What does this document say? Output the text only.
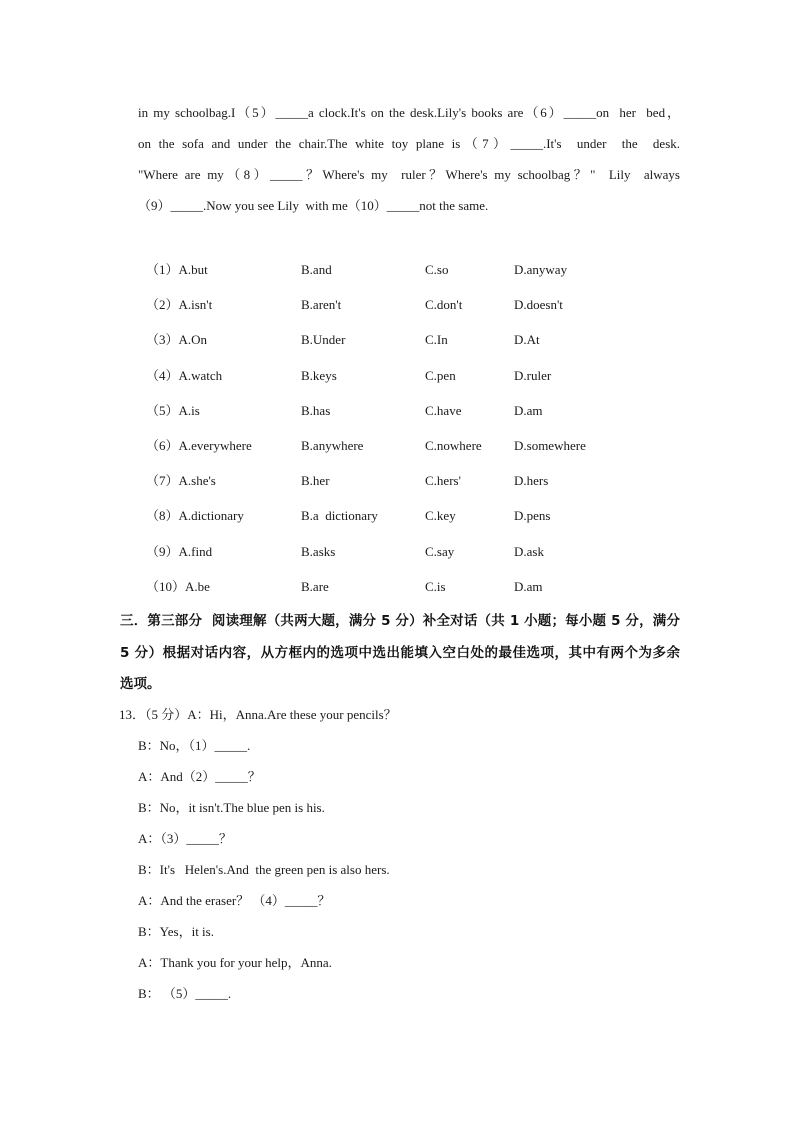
in my schoolbag.I（5）_____a clock.It's on the desk.Lily's books are（6）_____on  her  bed，
on the sofa and under the chair.The white toy plane is（7）_____.It's  under  the  desk.
"Where are my（8）_____？Where's my  ruler？Where's my schoolbag？"  Lily  always
（9）_____.Now you see Lily  with me（10）_____not the same.
（1）A.but	B.and	C.so	D.anyway
（2）A.isn't	B.aren't	C.don't	D.doesn't
（3）A.On	B.Under	C.In	D.At
（4）A.watch	B.keys	C.pen	D.ruler
（5）A.is	B.has	C.have	D.am
（6）A.everywhere	B.anywhere	C.nowhere D.somewhere
（7）A.she's	B.her	C.hers'	D.hers
（8）A.dictionary	B.a  dictionary	C.key	D.pens
（9）A.find	B.asks	C.say	D.ask
（10）A.be	B.are	C.is	D.am
三．第三部分  阅读理解（共两大题，满分 5 分）补全对话（共 1 小题；每小题 5 分，满分
5 分）根据对话内容，从方框内的选项中选出能填入空白处的最佳选项，其中有两个为多余
选项。
13．（5 分）A：Hi，Anna.Are these your pencils？
B：No，（1）_____.
A：And（2）_____？
B：No，it isn't.The blue pen is his.
A：（3）_____？
B：It's   Helen's.And  the green pen is also hers.
A：And the eraser？ （4）_____？
B：Yes，it is.
A：Thank you for your help，Anna.
B： （5）_____.
